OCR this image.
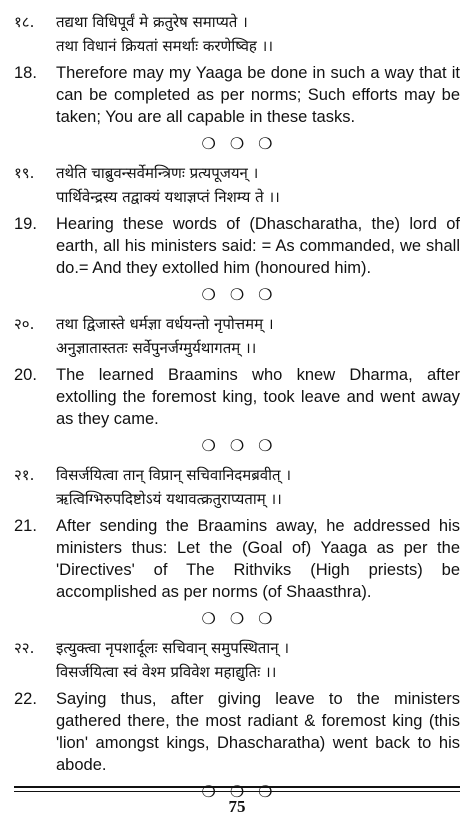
१८.	तद्यथा विधिपूर्वं मे क्रतुरेष समाप्यते ।
तथा विधानं क्रियतां समर्थाः करणेष्विह ।।
18.	Therefore may my Yaaga be done in such a way that it can be completed as per norms; Such efforts may be taken; You are all capable in these tasks.
❍❍❍
१९.	तथेति चाब्रुवन्सर्वेमन्त्रिणः प्रत्यपूजयन् ।
पार्थिवेन्द्रस्य तद्वाक्यं यथाज्ञप्तं निशम्य ते ।।
19.	Hearing these words of (Dhascharatha, the) lord of earth, all his ministers said: = As commanded, we shall do.= And they extolled him (honoured him).
❍❍❍
२०.	तथा द्विजास्ते धर्मज्ञा वर्धयन्तो नृपोत्तमम् ।
अनुज्ञातास्ततः सर्वेपुनर्जग्मुर्यथागतम् ।।
20.	The learned Braamins who knew Dharma, after extolling the foremost king, took leave and went away as they came.
❍❍❍
२१.	विसर्जयित्वा तान् विप्रान् सचिवानिदमब्रवीत् ।
ऋत्विग्भिरुपदिष्टोऽयं यथावत्क्रतुराप्यताम् ।।
21.	After sending the Braamins away, he addressed his ministers thus: Let the (Goal of) Yaaga as per the 'Directives' of The Rithviks (High priests) be accomplished as per norms (of Shaasthra).
❍❍❍
२२.	इत्युक्त्वा नृपशार्दूलः सचिवान् समुपस्थितान् ।
विसर्जयित्वा स्वं वेश्म प्रविवेश महाद्युतिः ।।
22.	Saying thus, after giving leave to the ministers gathered there, the most radiant & foremost king (this 'lion' amongst kings, Dhascharatha) went back to his abode.
❍❍❍
75
